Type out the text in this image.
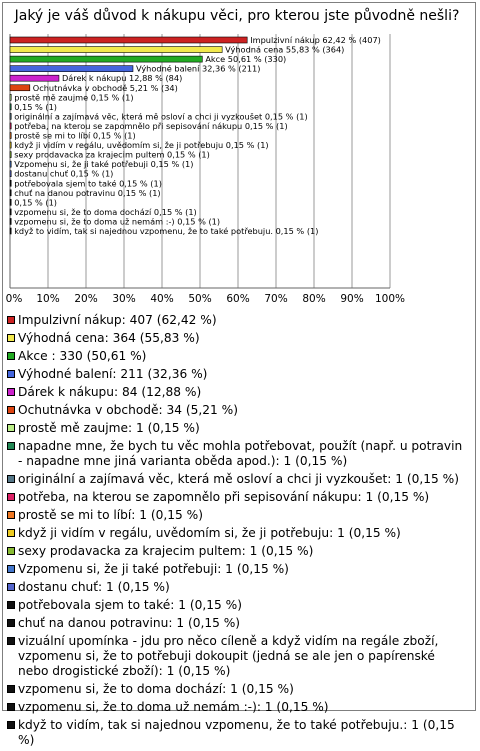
Jaký je váš důvod k nákupu věci, pro kterou jste původně nešli?
0% 10% 20% 30% 40% 50% 60% 70% 80% 90% 100%
Impulzivní nákup 62,42 % (407)
Výhodná cena 55,83 % (364)
Akce 50,61 % (330)
Výhodné balení 32,36 % (211)
Dárek k nákupu 12,88 % (84)
Ochutnávka v obchodě 5,21 % (34)
prostě mě zaujme 0,15 % (1)
0,15 % (1)
originální a zajímavá věc, která mě osloví a chci ji vyzkoušet 0,15 % (1)
potřeba, na kterou se zapomnělo při sepisování nákupu 0,15 % (1)
prostě se mi to líbí 0,15 % (1)
když ji vidím v regálu, uvědomím si, že ji potřebuju 0,15 % (1)
sexy prodavacka za krajecim pultem 0,15 % (1)
Vzpomenu si, že ji také potřebuji 0,15 % (1)
dostanu chuť 0,15 % (1)
potřebovala sjem to také 0,15 % (1)
chuť na danou potravinu 0,15 % (1)
0,15 % (1)
vzpomenu si, že to doma dochází 0,15 % (1)
vzpomenu si, že to doma už nemám :-) 0,15 % (1)
když to vidím, tak si najednou vzpomenu, že to také potřebuju. 0,15 % (1)
Impulzivní nákup: 407 (62,42 %)
Výhodná cena: 364 (55,83 %)
Akce : 330 (50,61 %)
Výhodné balení: 211 (32,36 %)
Dárek k nákupu: 84 (12,88 %)
Ochutnávka v obchodě: 34 (5,21 %)
prostě mě zaujme: 1 (0,15 %)
napadne mne, že bych tu věc mohla potřebovat, použít (např. u potravin - napadne mne jiná varianta oběda apod.): 1 (0,15 %)
originální a zajímavá věc, která mě osloví a chci ji vyzkoušet: 1 (0,15 %)
potřeba, na kterou se zapomnělo při sepisování nákupu: 1 (0,15 %)
prostě se mi to líbí: 1 (0,15 %)
když ji vidím v regálu, uvědomím si, že ji potřebuju: 1 (0,15 %)
sexy prodavacka za krajecim pultem: 1 (0,15 %)
Vzpomenu si, že ji také potřebuji: 1 (0,15 %)
dostanu chuť: 1 (0,15 %)
potřebovala sjem to také: 1 (0,15 %)
chuť na danou potravinu: 1 (0,15 %)
vizuální upomínka - jdu pro něco cíleně a když vidím na regále zboží, vzpomenu si, že to potřebuji dokoupit (jedná se ale jen o papírenské nebo drogistické zboží): 1 (0,15 %)
vzpomenu si, že to doma dochází: 1 (0,15 %)
vzpomenu si, že to doma už nemám :-): 1 (0,15 %)
když to vidím, tak si najednou vzpomenu, že to také potřebuju.: 1 (0,15 %)
